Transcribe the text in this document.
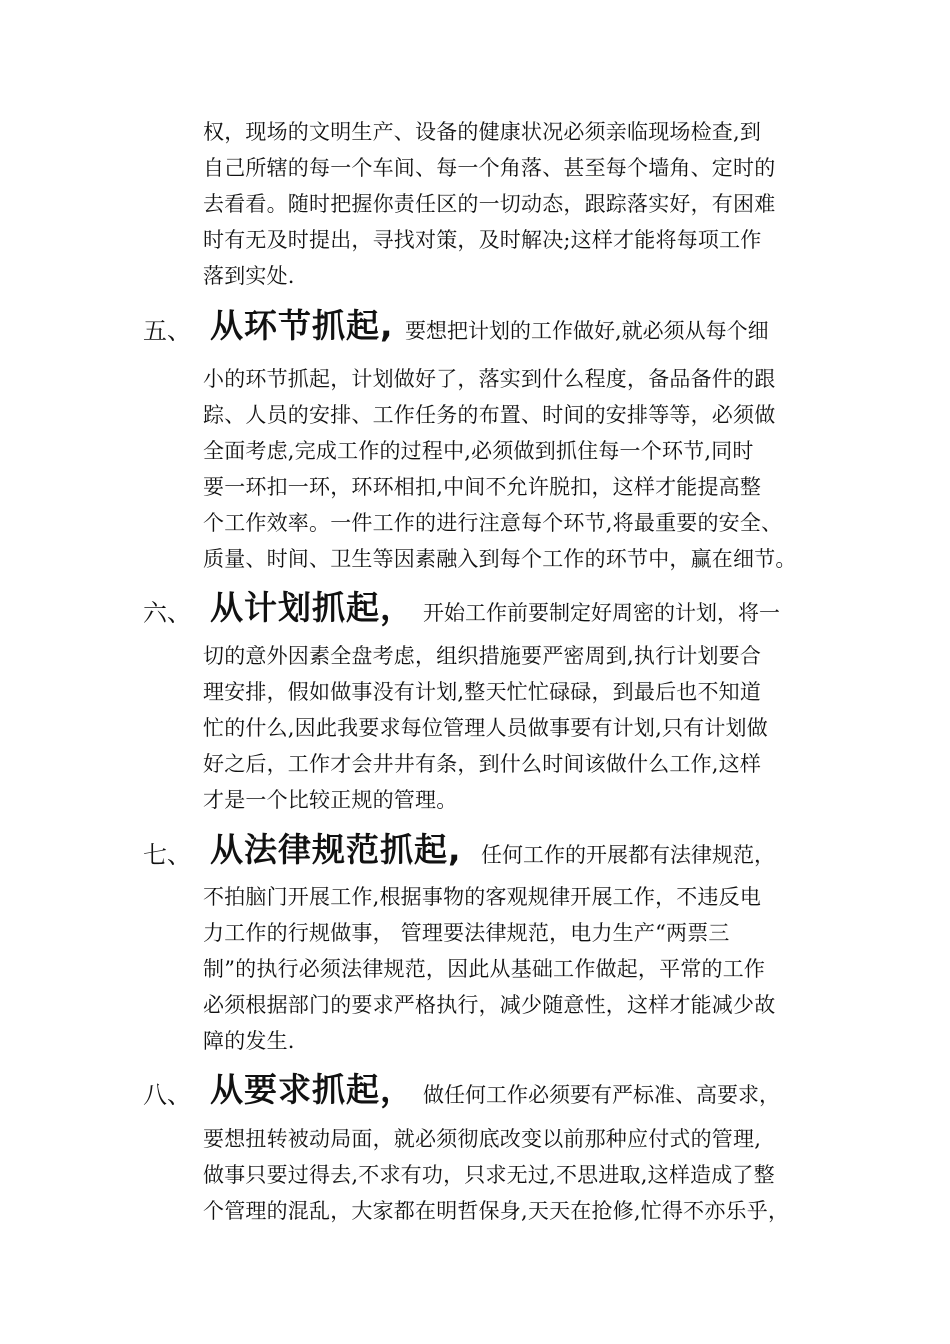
权，现场的文明生产、设备的健康状况必须亲临现场检查,到
自己所辖的每一个车间、每一个角落、甚至每个墙角、定时的
去看看。随时把握你责任区的一切动态，跟踪落实好，有困难
时有无及时提出，寻找对策，及时解决;这样才能将每项工作
落到实处.
五、 从环节抓起, 要想把计划的工作做好,就必须从每个细
小的环节抓起，计划做好了，落实到什么程度，备品备件的跟
踪、人员的安排、工作任务的布置、时间的安排等等，必须做
全面考虑,完成工作的过程中,必须做到抓住每一个环节,同时
要一环扣一环，环环相扣,中间不允许脱扣，这样才能提高整
个工作效率。一件工作的进行注意每个环节,将最重要的安全、
质量、时间、卫生等因素融入到每个工作的环节中，赢在细节。
六、 从计划抓起， 开始工作前要制定好周密的计划，将一
切的意外因素全盘考虑，组织措施要严密周到,执行计划要合
理安排，假如做事没有计划,整天忙忙碌碌，到最后也不知道
忙的什么,因此我要求每位管理人员做事要有计划,只有计划做
好之后，工作才会井井有条，到什么时间该做什么工作,这样
才是一个比较正规的管理。
七、 从法律规范抓起, 任何工作的开展都有法律规范，
不拍脑门开展工作,根据事物的客观规律开展工作，不违反电
力工作的行规做事， 管理要法律规范，电力生产“两票三
制”的执行必须法律规范，因此从基础工作做起，平常的工作
必须根据部门的要求严格执行，减少随意性，这样才能减少故
障的发生.
八、 从要求抓起， 做任何工作必须要有严标准、高要求，
要想扭转被动局面，就必须彻底改变以前那种应付式的管理,
做事只要过得去,不求有功，只求无过,不思进取,这样造成了整
个管理的混乱，大家都在明哲保身,天天在抢修,忙得不亦乐乎，
